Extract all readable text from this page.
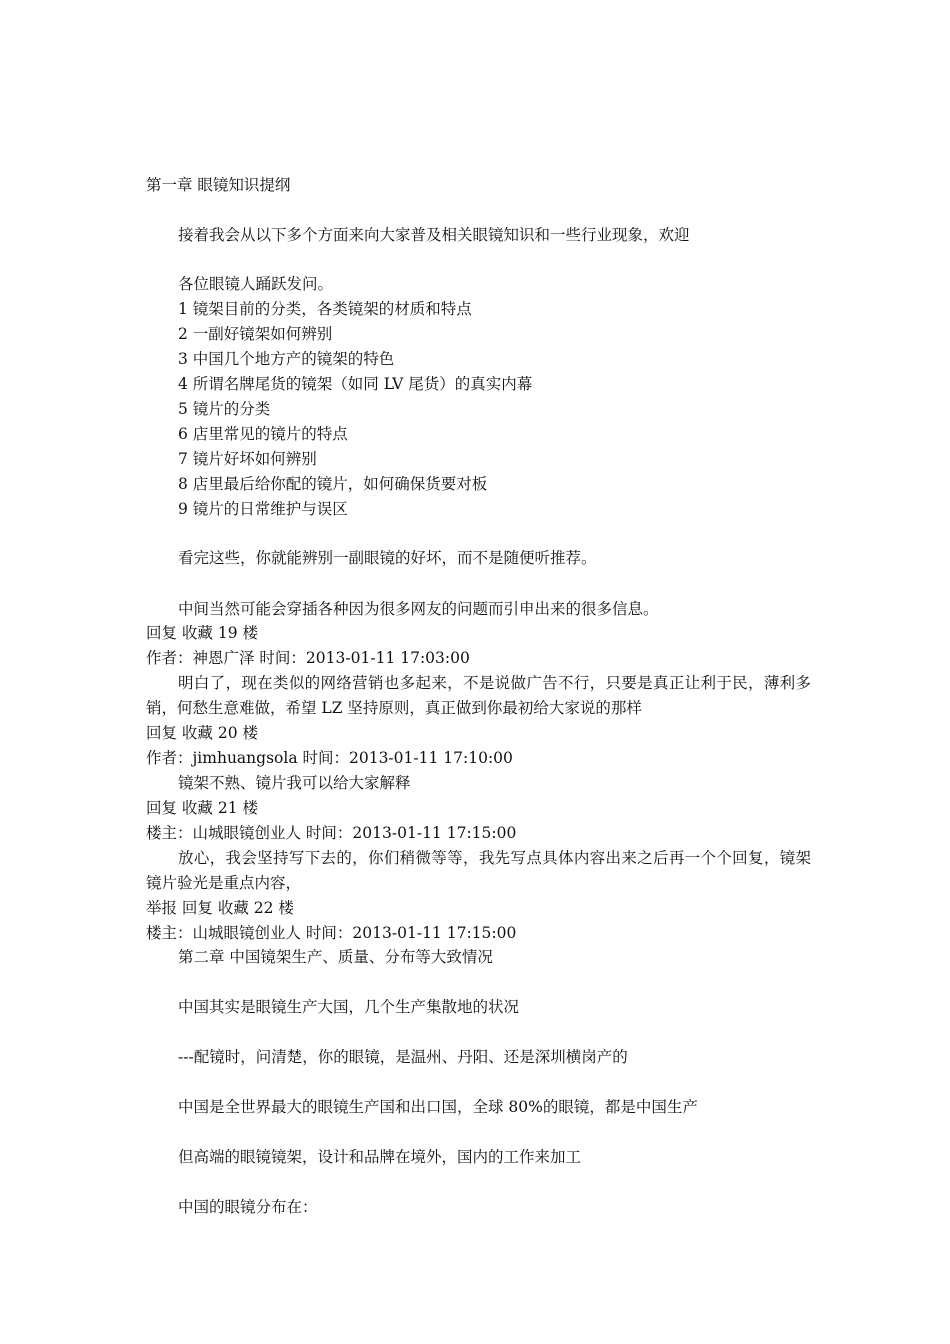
第一章 眼镜知识提纲
接着我会从以下多个方面来向大家普及相关眼镜知识和一些行业现象，欢迎
各位眼镜人踊跃发问。
1 镜架目前的分类，各类镜架的材质和特点
2 一副好镜架如何辨别
3 中国几个地方产的镜架的特色
4 所谓名牌尾货的镜架（如同 LV 尾货）的真实内幕
5 镜片的分类
6 店里常见的镜片的特点
7 镜片好坏如何辨别
8 店里最后给你配的镜片，如何确保货要对板
9 镜片的日常维护与误区
看完这些，你就能辨别一副眼镜的好坏，而不是随便听推荐。
中间当然可能会穿插各种因为很多网友的问题而引申出来的很多信息。
回复 收藏 19 楼
作者：神恩广泽 时间：2013-01-11 17:03:00
明白了，现在类似的网络营销也多起来，不是说做广告不行，只要是真正让利于民，薄利多销，何愁生意难做，希望 LZ 坚持原则，真正做到你最初给大家说的那样
回复 收藏 20 楼
作者：jimhuangsola 时间：2013-01-11 17:10:00
镜架不熟、镜片我可以给大家解释
回复 收藏 21 楼
楼主：山城眼镜创业人 时间：2013-01-11 17:15:00
放心，我会坚持写下去的，你们稍微等等，我先写点具体内容出来之后再一个个回复，镜架镜片验光是重点内容，
举报 回复 收藏 22 楼
楼主：山城眼镜创业人 时间：2013-01-11 17:15:00
第二章 中国镜架生产、质量、分布等大致情况
中国其实是眼镜生产大国，几个生产集散地的状况
---配镜时，问清楚，你的眼镜，是温州、丹阳、还是深圳横岗产的
中国是全世界最大的眼镜生产国和出口国，全球 80%的眼镜，都是中国生产
但高端的眼镜镜架，设计和品牌在境外，国内的工作来加工
中国的眼镜分布在：
